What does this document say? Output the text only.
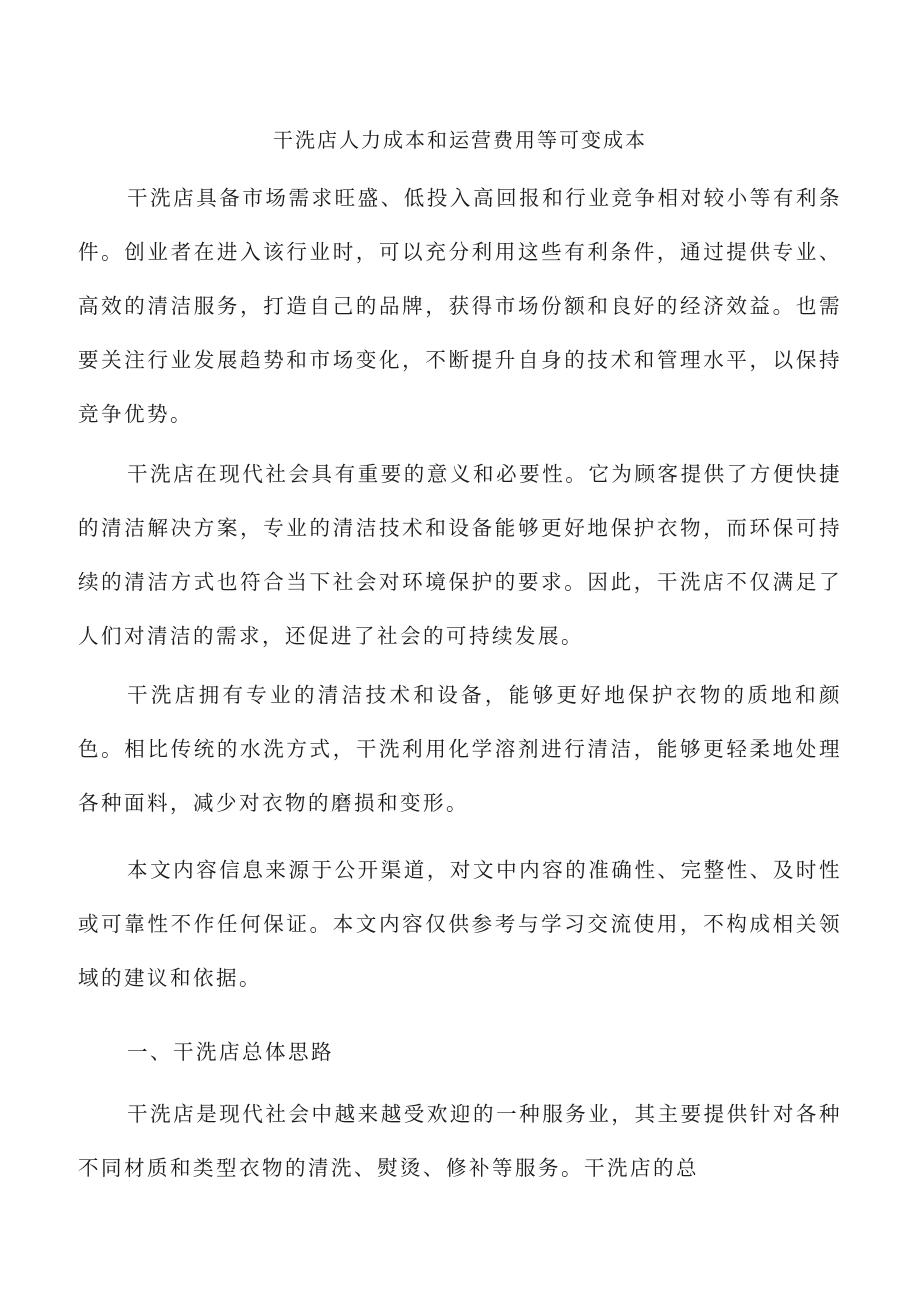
干洗店人力成本和运营费用等可变成本

干洗店具备市场需求旺盛、低投入高回报和行业竞争相对较小等有利条件。创业者在进入该行业时，可以充分利用这些有利条件，通过提供专业、高效的清洁服务，打造自己的品牌，获得市场份额和良好的经济效益。也需要关注行业发展趋势和市场变化，不断提升自身的技术和管理水平，以保持竞争优势。

干洗店在现代社会具有重要的意义和必要性。它为顾客提供了方便快捷的清洁解决方案，专业的清洁技术和设备能够更好地保护衣物，而环保可持续的清洁方式也符合当下社会对环境保护的要求。因此，干洗店不仅满足了人们对清洁的需求，还促进了社会的可持续发展。

干洗店拥有专业的清洁技术和设备，能够更好地保护衣物的质地和颜色。相比传统的水洗方式，干洗利用化学溶剂进行清洁，能够更轻柔地处理各种面料，减少对衣物的磨损和变形。

本文内容信息来源于公开渠道，对文中内容的准确性、完整性、及时性或可靠性不作任何保证。本文内容仅供参考与学习交流使用，不构成相关领域的建议和依据。

一、干洗店总体思路

干洗店是现代社会中越来越受欢迎的一种服务业，其主要提供针对各种不同材质和类型衣物的清洗、熨烫、修补等服务。干洗店的总
